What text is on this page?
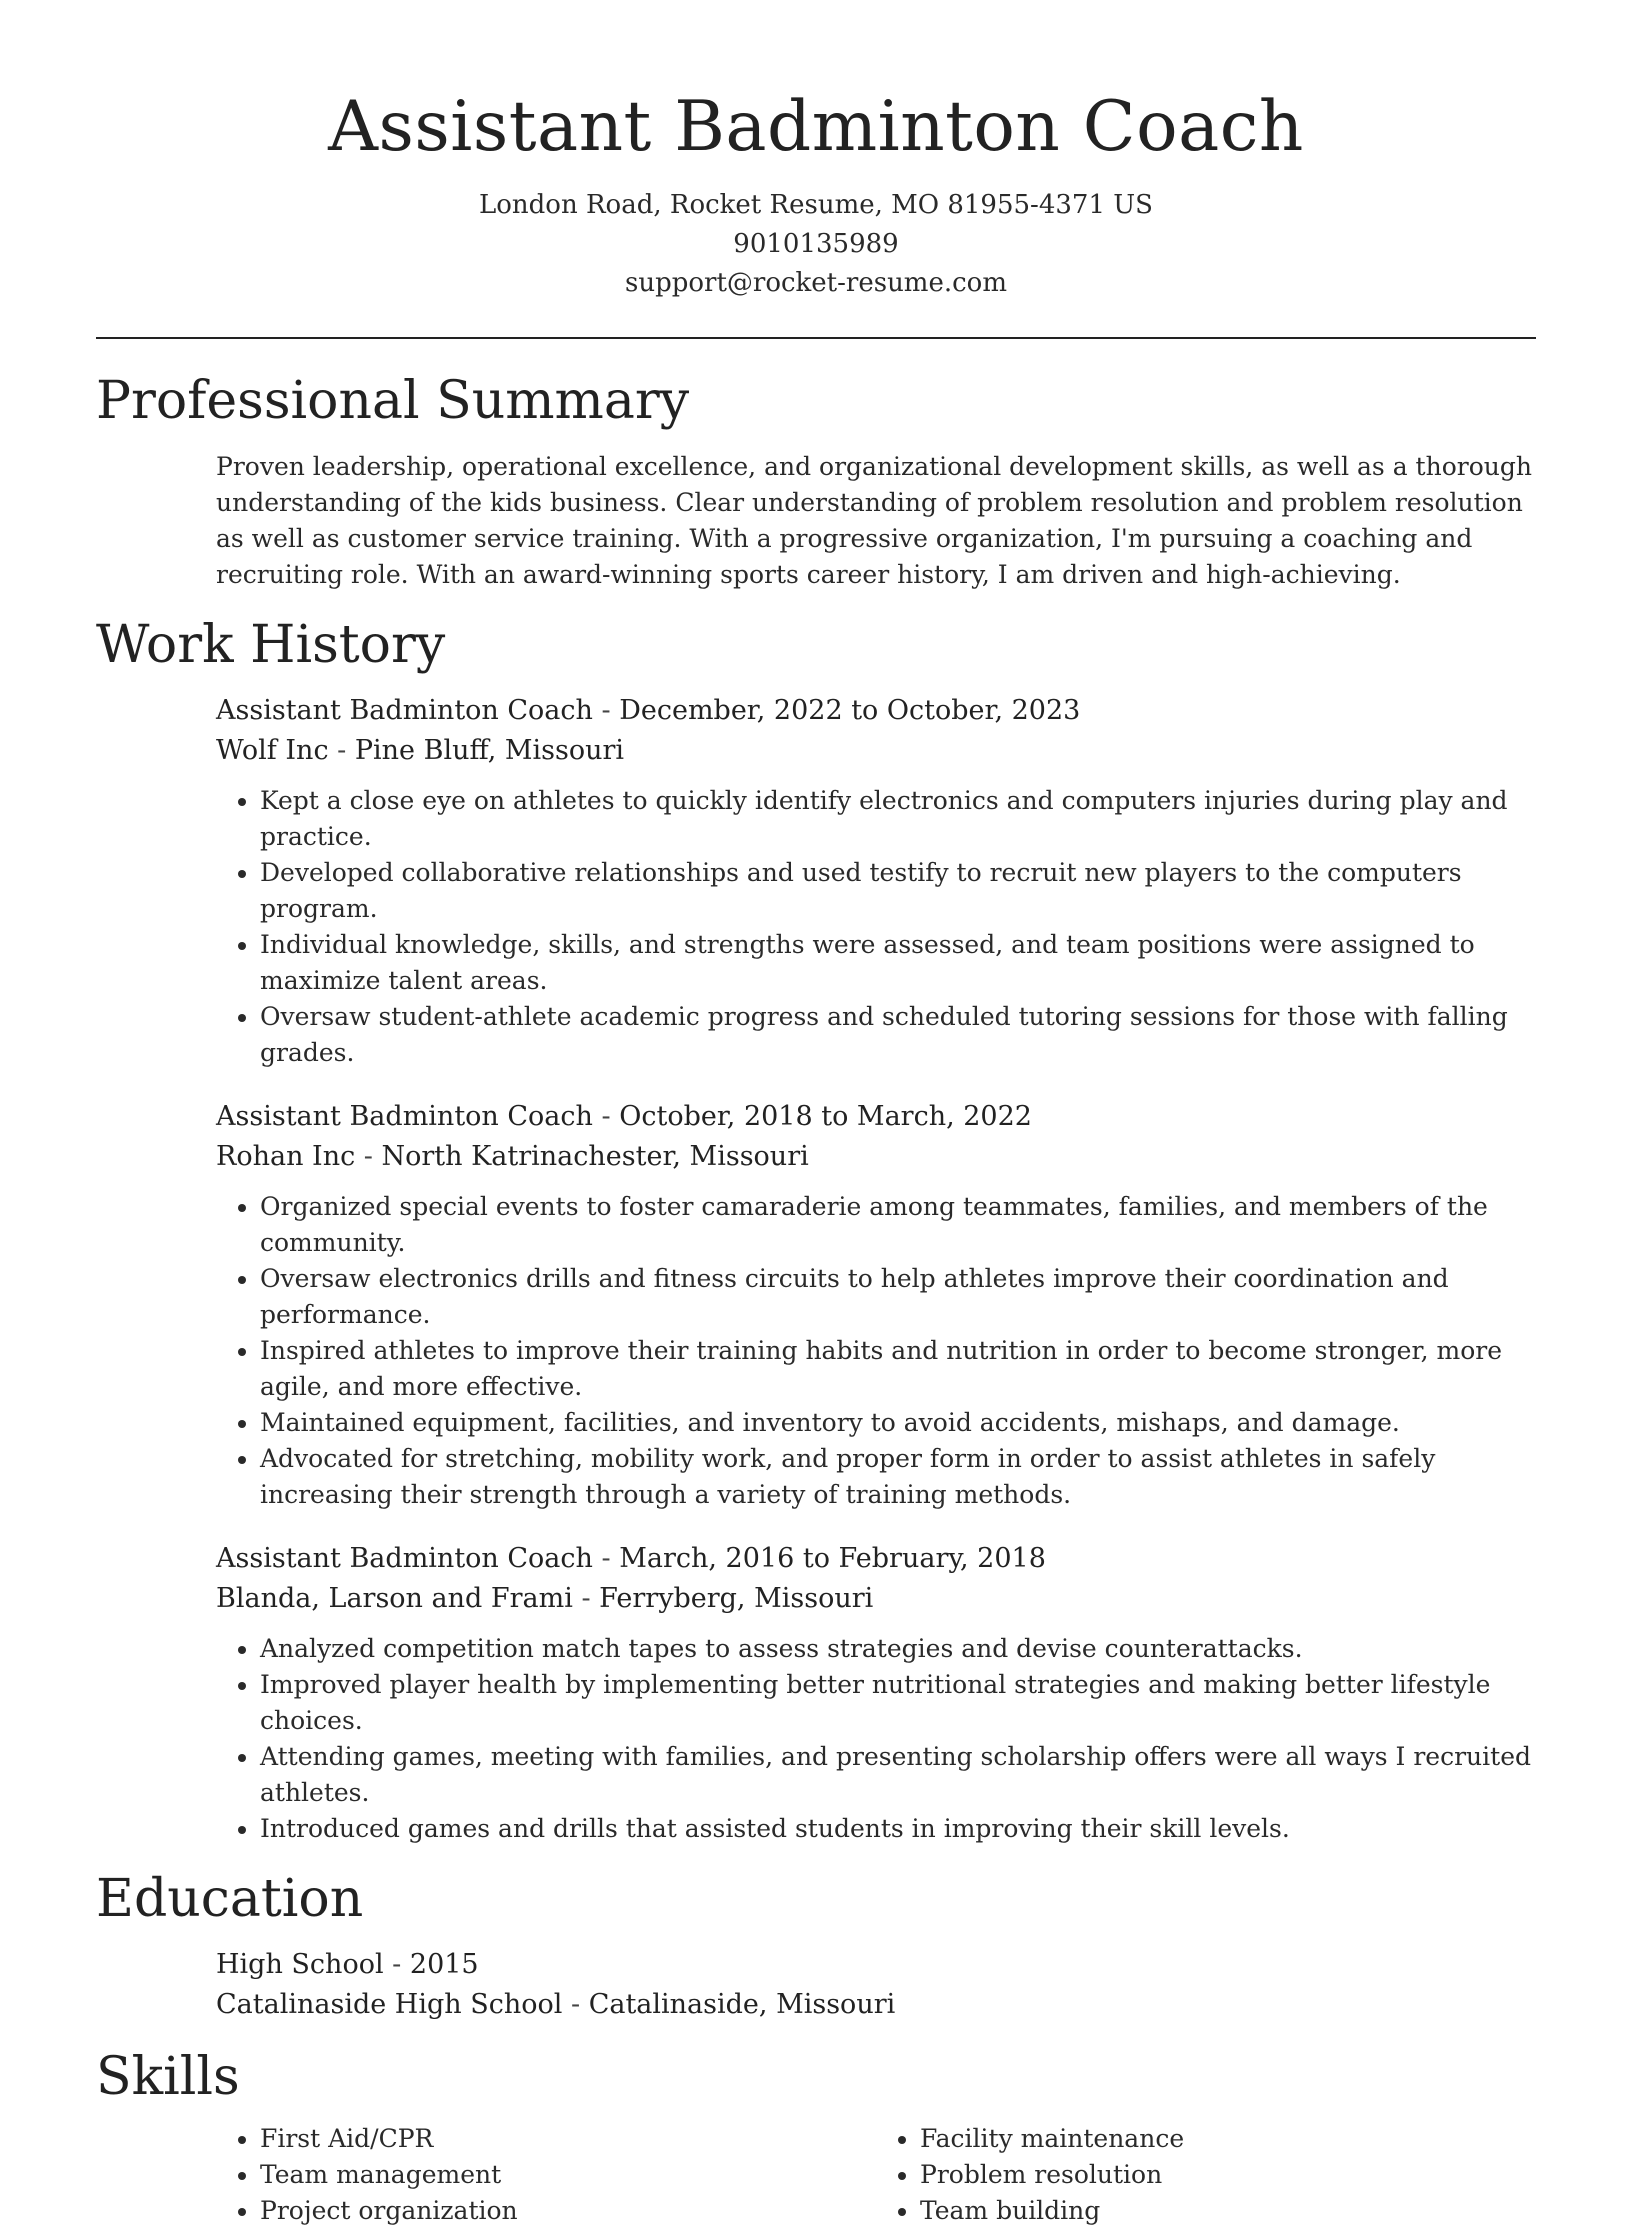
Assistant Badminton Coach
London Road, Rocket Resume, MO 81955-4371 US
9010135989
support@rocket-resume.com
Professional Summary

Proven leadership, operational excellence, and organizational development skills, as well as a thorough understanding of the kids business. Clear understanding of problem resolution and problem resolution as well as customer service training. With a progressive organization, I'm pursuing a coaching and recruiting role. With an award-winning sports career history, I am driven and high-achieving.

Work History
Assistant Badminton Coach - December, 2022 to October, 2023
Wolf Inc - Pine Bluff, Missouri
• Kept a close eye on athletes to quickly identify electronics and computers injuries during play and practice.
• Developed collaborative relationships and used testify to recruit new players to the computers program.
• Individual knowledge, skills, and strengths were assessed, and team positions were assigned to maximize talent areas.
• Oversaw student-athlete academic progress and scheduled tutoring sessions for those with falling grades.
Assistant Badminton Coach - October, 2018 to March, 2022
Rohan Inc - North Katrinachester, Missouri
• Organized special events to foster camaraderie among teammates, families, and members of the community.
• Oversaw electronics drills and fitness circuits to help athletes improve their coordination and performance.
• Inspired athletes to improve their training habits and nutrition in order to become stronger, more agile, and more effective.
• Maintained equipment, facilities, and inventory to avoid accidents, mishaps, and damage.
• Advocated for stretching, mobility work, and proper form in order to assist athletes in safely increasing their strength through a variety of training methods.
Assistant Badminton Coach - March, 2016 to February, 2018
Blanda, Larson and Frami - Ferryberg, Missouri
• Analyzed competition match tapes to assess strategies and devise counterattacks.
• Improved player health by implementing better nutritional strategies and making better lifestyle choices.
• Attending games, meeting with families, and presenting scholarship offers were all ways I recruited athletes.
• Introduced games and drills that assisted students in improving their skill levels.
Education
High School - 2015
Catalinaside High School - Catalinaside, Missouri
Skills
• First Aid/CPR
• Team management
• Project organization
• Facility maintenance
• Problem resolution
• Team building
